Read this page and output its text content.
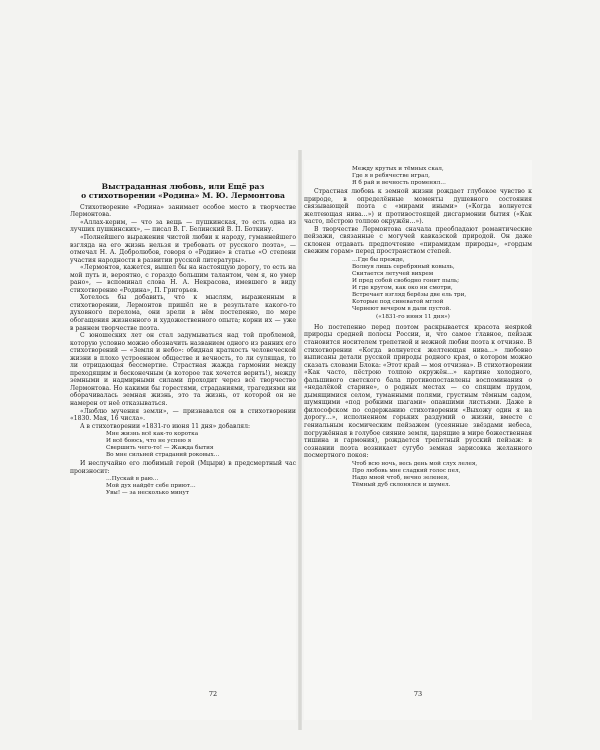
Выстраданная любовь, или Ещё раз
о стихотворении «Родина» М. Ю. Лермонтова

Стихотворение «Родина» занимает особое место в творчестве Лермонтова.

«Аллах-керим, — что за вещь — пушкинская, то есть одна из лучших пушкинских», — писал В. Г. Белинский В. П. Боткину.

«Полнейшего выражения чистой любви к народу, гуманнейшего взгляда на его жизнь нельзя и требовать от русского поэта», — отмечал Н. А. Добролюбов, говоря о «Родине» в статье «О степени участия народности в развитии русской литературы».

«Лермонтов, кажется, вышел бы на настоящую дорогу, то есть на мой путь и, вероятно, с гораздо большим талантом, чем я, но умер рано», — вспоминал слова Н. А. Некрасова, имевшего в виду стихотворение «Родина», П. Григорьев.

Хотелось бы добавить, что к мыслям, выраженным в стихотворении, Лермонтов пришёл не в результате какого-то духовного перелома, они зрели в нём постепенно, по мере обогащения жизненного и художественного опыта; корни их — уже в раннем творчестве поэта.

С юношеских лет он стал задумываться над той проблемой, которую условно можно обозначить названием одного из ранних его стихотворений — «Земля и небо»: обидная краткость человеческой жизни в плохо устроенном обществе и вечность, то ли сулящая, то ли отрицающая бессмертие. Страстная жажда гармонии между преходящим и бесконечным (в которое так хочется верить!), между земными и надмирными силами проходит через всё творчество Лермонтова. Но какими бы горестями, страданиями, трагедиями ни оборачивалась земная жизнь, это та жизнь, от которой он не намерен от неё отказываться.

«Люблю мучения земли», — признавался он в стихотворении «1830. Мая, 16 числа».

А в стихотворении «1831-го июня 11 дня» добавлял:

Мне жизнь всё как-то коротка
И всё боюсь, что не успею я
Свершить чего-то! — Жажда бытия
Во мне сильней страданий роковых…

И неслучайно его любимый герой (Мцыри) в предсмертный час произносит:

…Пускай в раю…
Мой дух найдёт себе приют…
Увы! — за несколько минут
72
Между крутых и тёмных скал,
Где я в ребячестве играл,
Я б рай и вечность променял…

Страстная любовь к земной жизни рождает глубокое чувство к природе, в определённые моменты душевного состояния связывающей поэта с «мирами иными» («Когда волнуется желтеющая нива…») и противостоящей дисгармонии бытия («Как часто, пёстрою толпою окружён…»).

В творчестве Лермонтова сначала преобладают романтические пейзажи, связанные с могучей кавказской природой. Он даже склонен отдавать предпочтение «пирамидам природы», «гордым свежим горам» перед пространством степей.

…Где бы прежде,
Волнуя лишь серебряный ковыль,
Скитается летучей вихрем
И пред собой свободно гонит пыль;
И где кругом, как око ни смотри,
Встречает взгляд берёзы две ель три,
Которые под синеватой мглой
Чернеют вечером в дали пустой.
(«1831-го июня 11 дня»)

Но постепенно перед поэтом раскрывается красота неяркой природы средней полосы России, и, что самое главное, пейзаж становится носителем трепетной и нежной любви поэта к отчизне. В стихотворении «Когда волнуется желтеющая нива…» любовно выписаны детали русской природы родного края, о котором можно сказать словами Блока: «Этот край — моя отчизна». В стихотворении «Как часто, пёстрою толпою окружён…» картине холодного, фальшивого светского бала противопоставлены воспоминания о «недалёкой старине», о родных местах — со спящим прудом, дымящимися селом, туманными полями, грустным тёмным садом, шумящими «под робкими шагами» опавшими листьями. Даже в философском по содержанию стихотворении «Выхожу один я на дорогу…», исполненном горьких раздумий о жизни, вместе с гениальным космическим пейзажем (усеянные звёздами небеса, погружённая в голубое сияние земля, царящие в мире божественная тишина и гармония), рождается трепетный русский пейзаж: в сознании поэта возникает сугубо земная зарисовка желанного посмертного покоя:

Чтоб всю ночь, весь день мой слух лелея,
Про любовь мне сладкий голос пел,
Надо мной чтоб, вечно зеленея,
Тёмный дуб склонялся и шумел.
73
